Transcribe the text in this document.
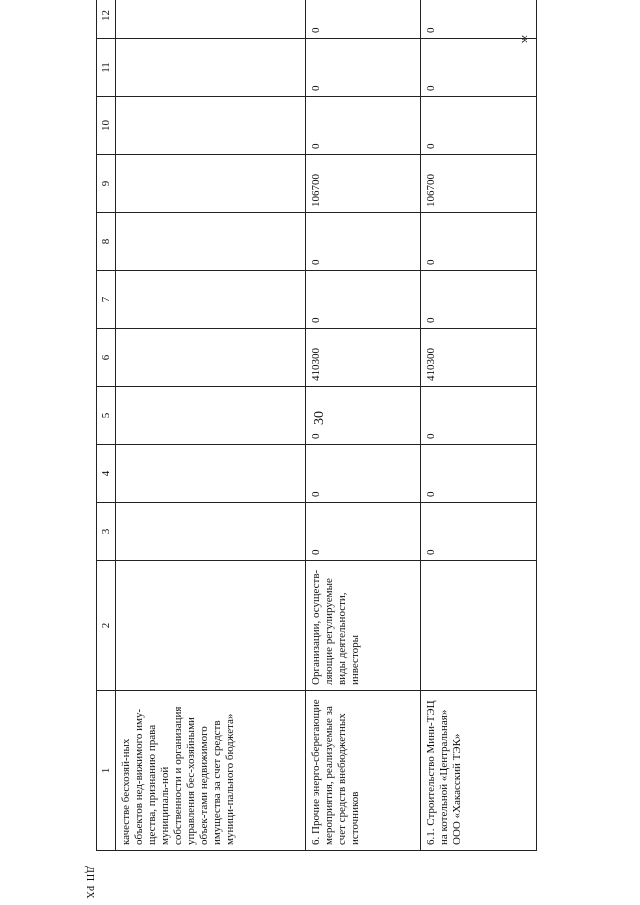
30
ДП РХ
ж
1	2	3	4	5	6	7	8	9	10	11	12
качестве бесхозяй-ных объектов нед-вижимого иму-щества, признанию права муниципаль-ной собственности и организация управления бес-хозяйными объек-тами недвижимого имущества за счет средств муници-пального бюджета»											
6. Прочие энерго-сберегающие мероприятия, реализуемые за счет средств внебюджетных источников	Организации, осуществ-ляющие регулируемые виды деятельности, инвесторы	0	0	0	410300	0	0	106700	0	0	0
6.1. Строительство Мини-ТЭЦ на котельной «Центральная» ООО «Хакасский ТЭК»		0	0	0	410300	0	0	106700	0	0	0
